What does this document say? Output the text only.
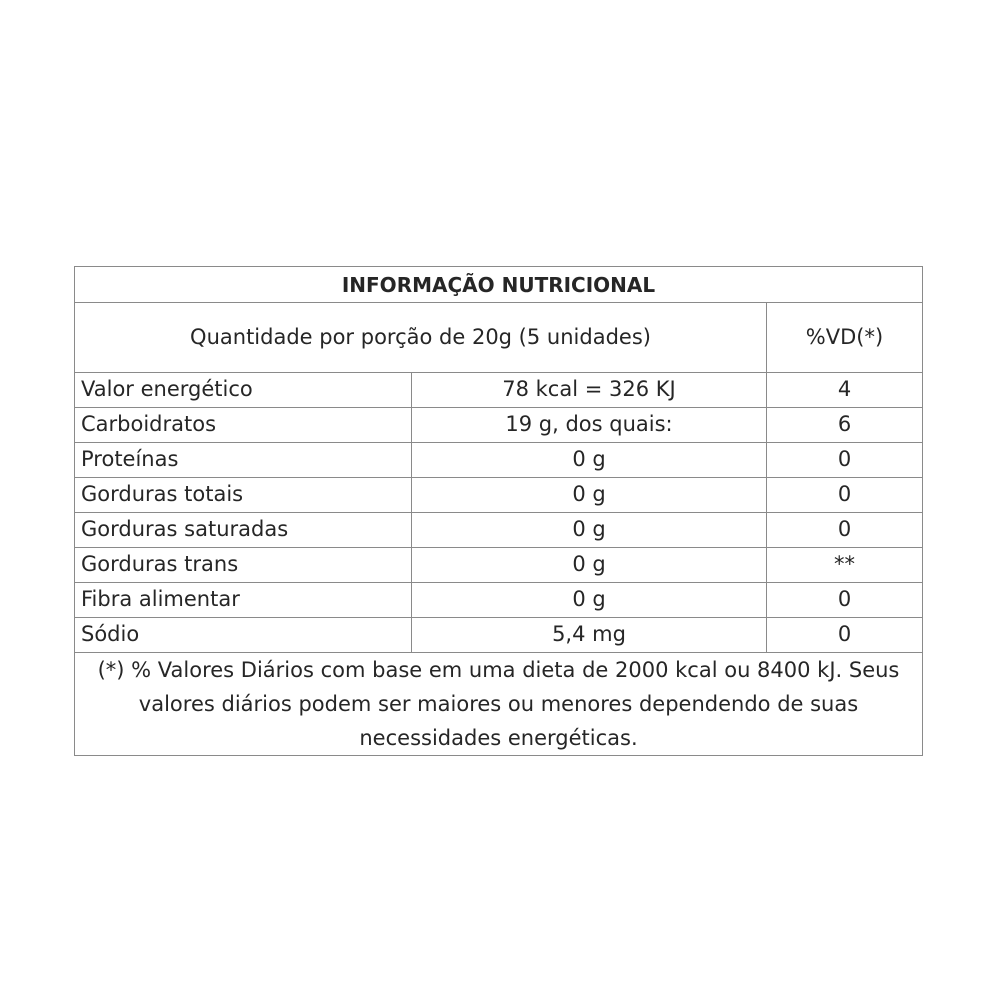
INFORMAÇÃO NUTRICIONAL		
Quantidade por porção de 20g (5 unidades)		%VD(*)
Valor energético	78 kcal = 326 KJ	4
Carboidratos	19 g, dos quais:	6
Proteínas	0 g	0
Gorduras totais	0 g	0
Gorduras saturadas	0 g	0
Gorduras trans	0 g	**
Fibra alimentar	0 g	0
Sódio	5,4 mg	0
(*) % Valores Diários com base em uma dieta de 2000 kcal ou 8400 kJ. Seus valores diários podem ser maiores ou menores dependendo de suas necessidades energéticas.		
